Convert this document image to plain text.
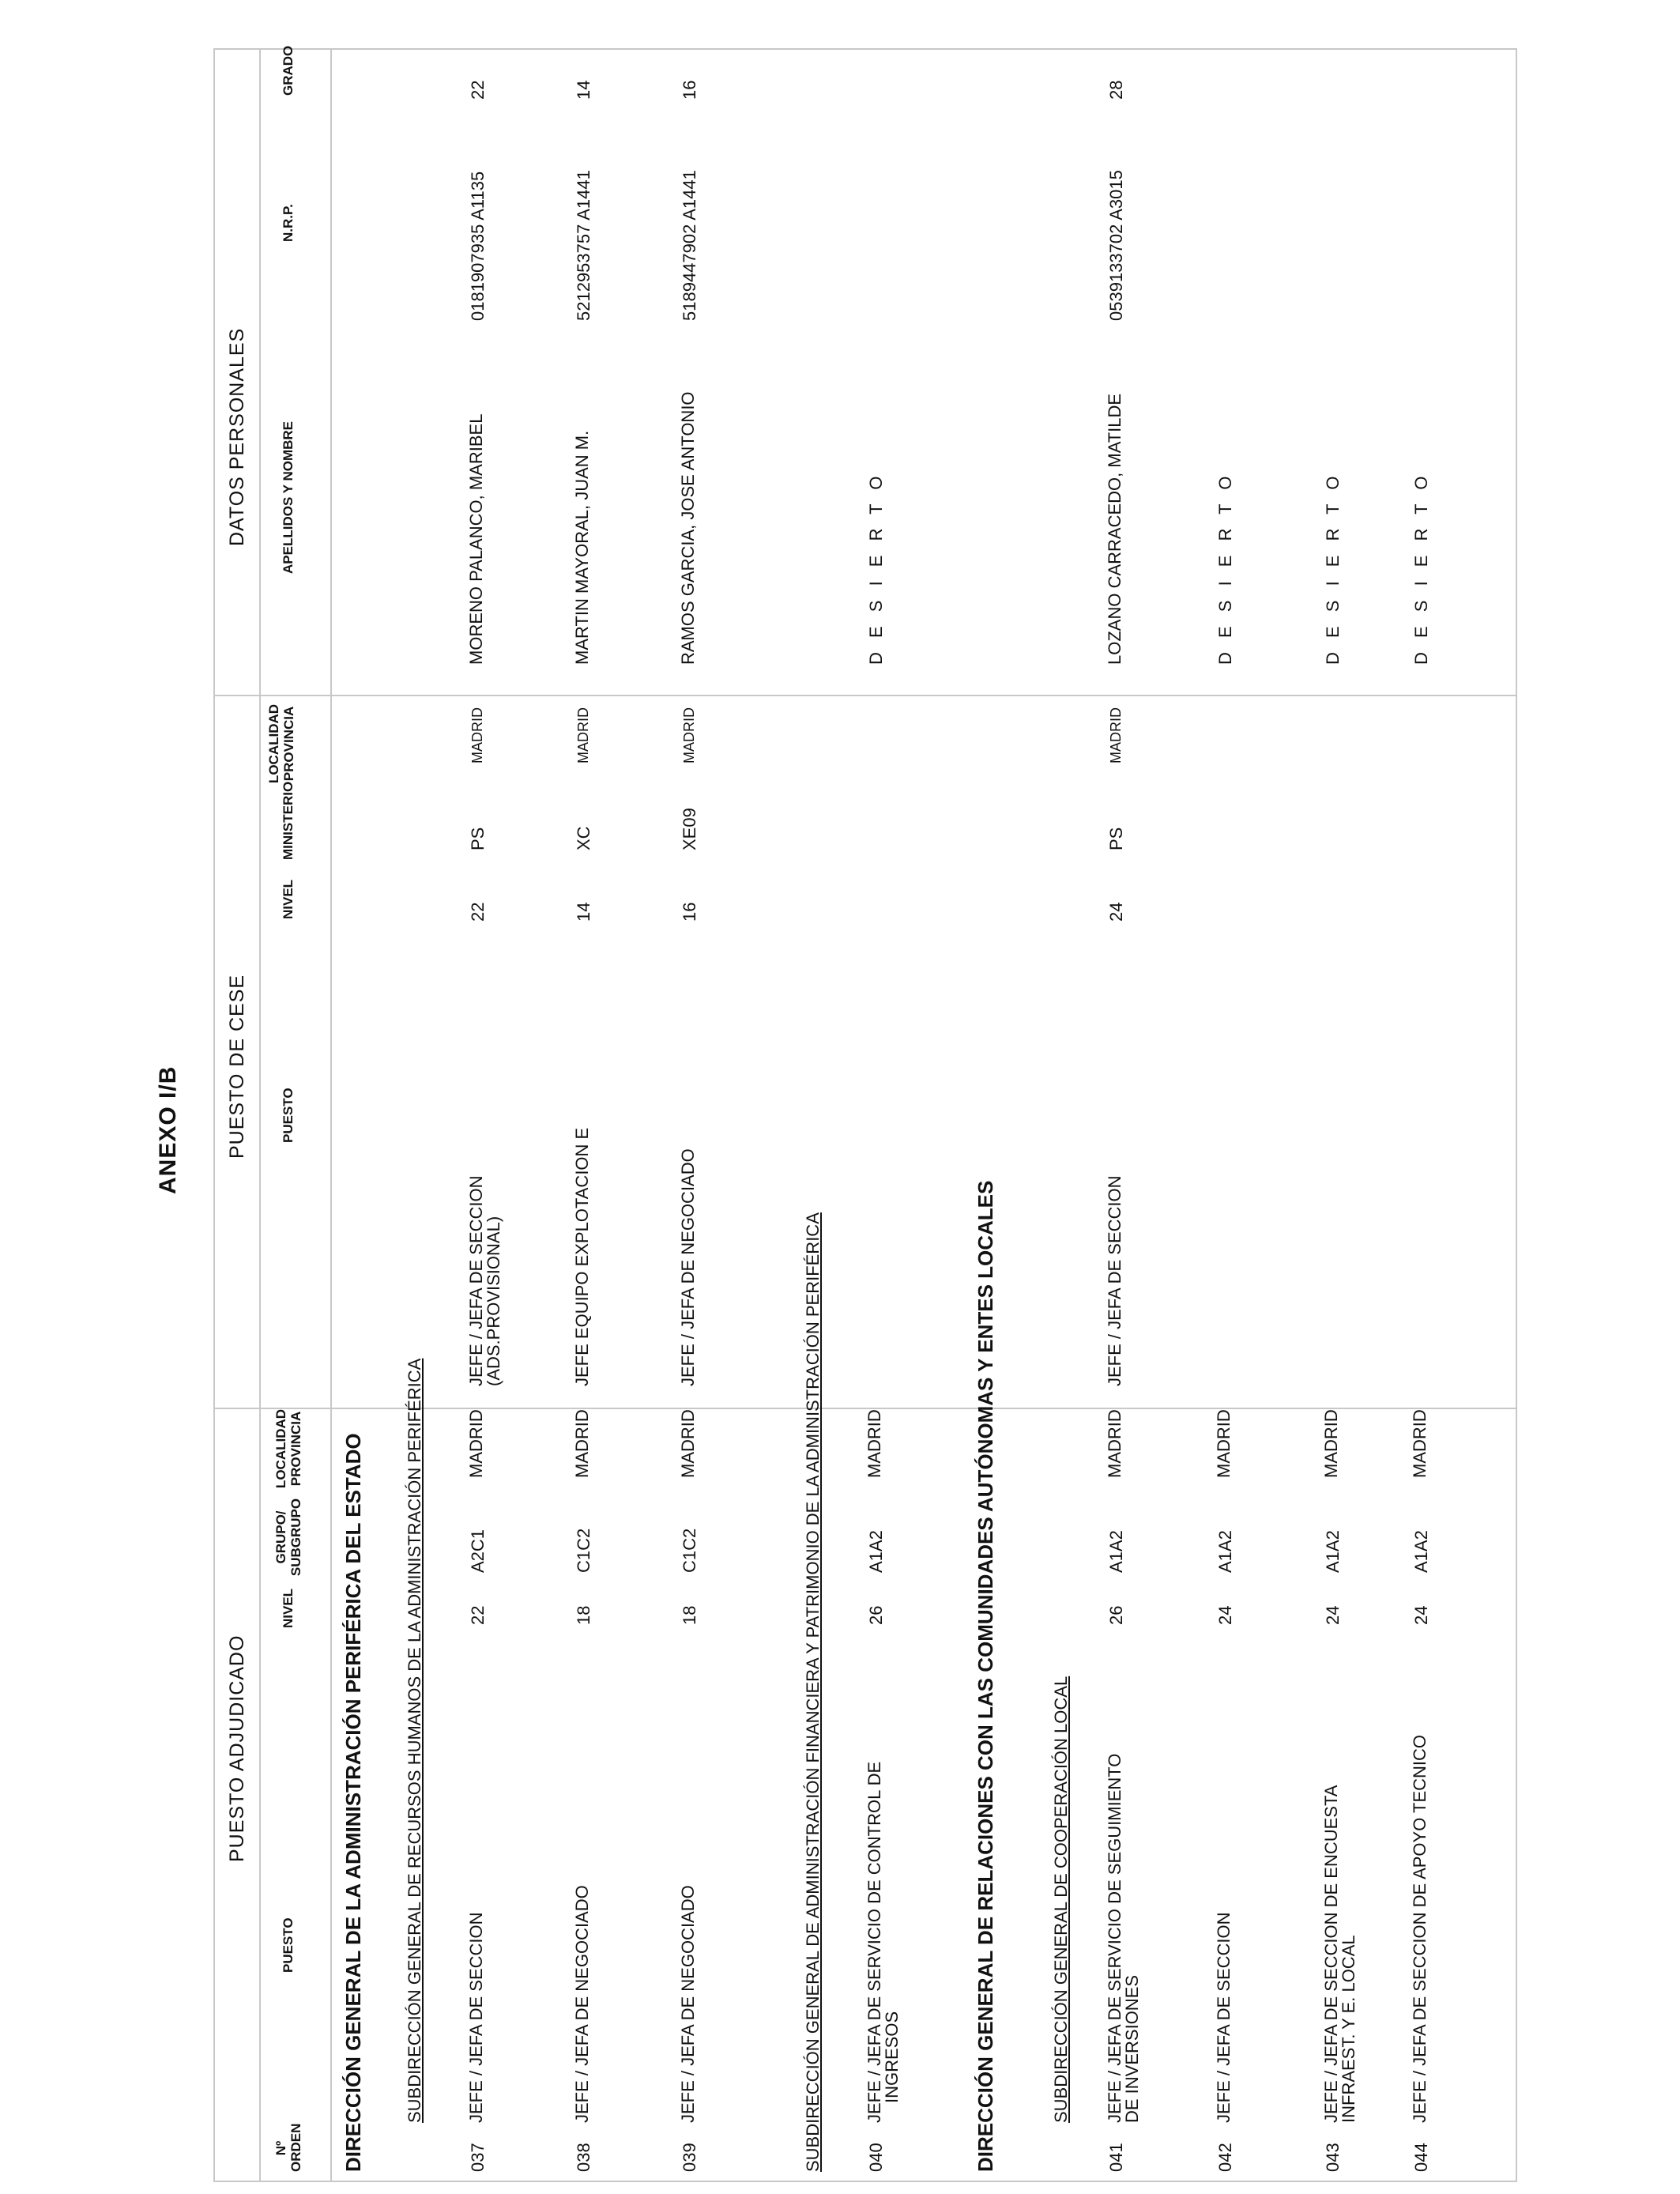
ANEXO I/B
PUESTO ADJUDICADO
PUESTO DE CESE
DATOS PERSONALES
Nº ORDEN
PUESTO
NIVEL
GRUPO/ SUBGRUPO
LOCALIDAD PROVINCIA
PUESTO
NIVEL
MINISTERIO
LOCALIDAD PROVINCIA
APELLIDOS Y NOMBRE
N.R.P.
GRADO
DIRECCIÓN GENERAL DE LA ADMINISTRACIÓN PERIFÉRICA DEL ESTADO SUBDIRECCIÓN GENERAL DE RECURSOS HUMANOS DE LA ADMINISTRACIÓN PERIFÉRICA
037
JEFE / JEFA DE SECCION
22
A2C1
MADRID
JEFE / JEFA DE SECCION
(ADS.PROVISIONAL)
22
PS
MADRID
MORENO PALANCO, MARIBEL
0181907935 A1135
22
038
JEFE / JEFA DE NEGOCIADO
18
C1C2
MADRID
JEFE EQUIPO EXPLOTACION E
14
XC
MADRID
MARTIN MAYORAL, JUAN M.
5212953757 A1441
14
039
JEFE / JEFA DE NEGOCIADO
18
C1C2
MADRID
JEFE / JEFA DE NEGOCIADO
16
XE09
MADRID
RAMOS GARCIA, JOSE ANTONIO
5189447902 A1441
16
SUBDIRECCIÓN GENERAL DE ADMINISTRACIÓN FINANCIERA Y PATRIMONIO DE LA ADMINISTRACIÓN PERIFÉRICA	040
JEFE / JEFA DE SERVICIO DE CONTROL DE
INGRESOS
26
A1A2
MADRID
D E S I E R T O
DIRECCIÓN GENERAL DE RELACIONES CON LAS COMUNIDADES AUTÓNOMAS Y ENTES LOCALES	SUBDIRECCIÓN GENERAL DE COOPERACIÓN LOCAL
041
JEFE / JEFA DE SERVICIO DE SEGUIMIENTO
DE INVERSIONES
26
A1A2
MADRID
JEFE / JEFA DE SECCION
24
PS
MADRID
LOZANO CARRACEDO, MATILDE
0539133702 A3015
28
042
JEFE / JEFA DE SECCION
24
A1A2
MADRID
D E S I E R T O
043
JEFE / JEFA DE SECCION DE ENCUESTA
INFRAEST. Y E. LOCAL
24
A1A2
MADRID
D E S I E R T O
044
JEFE / JEFA DE SECCION DE APOYO TECNICO
24
A1A2
MADRID
D E S I E R T O
